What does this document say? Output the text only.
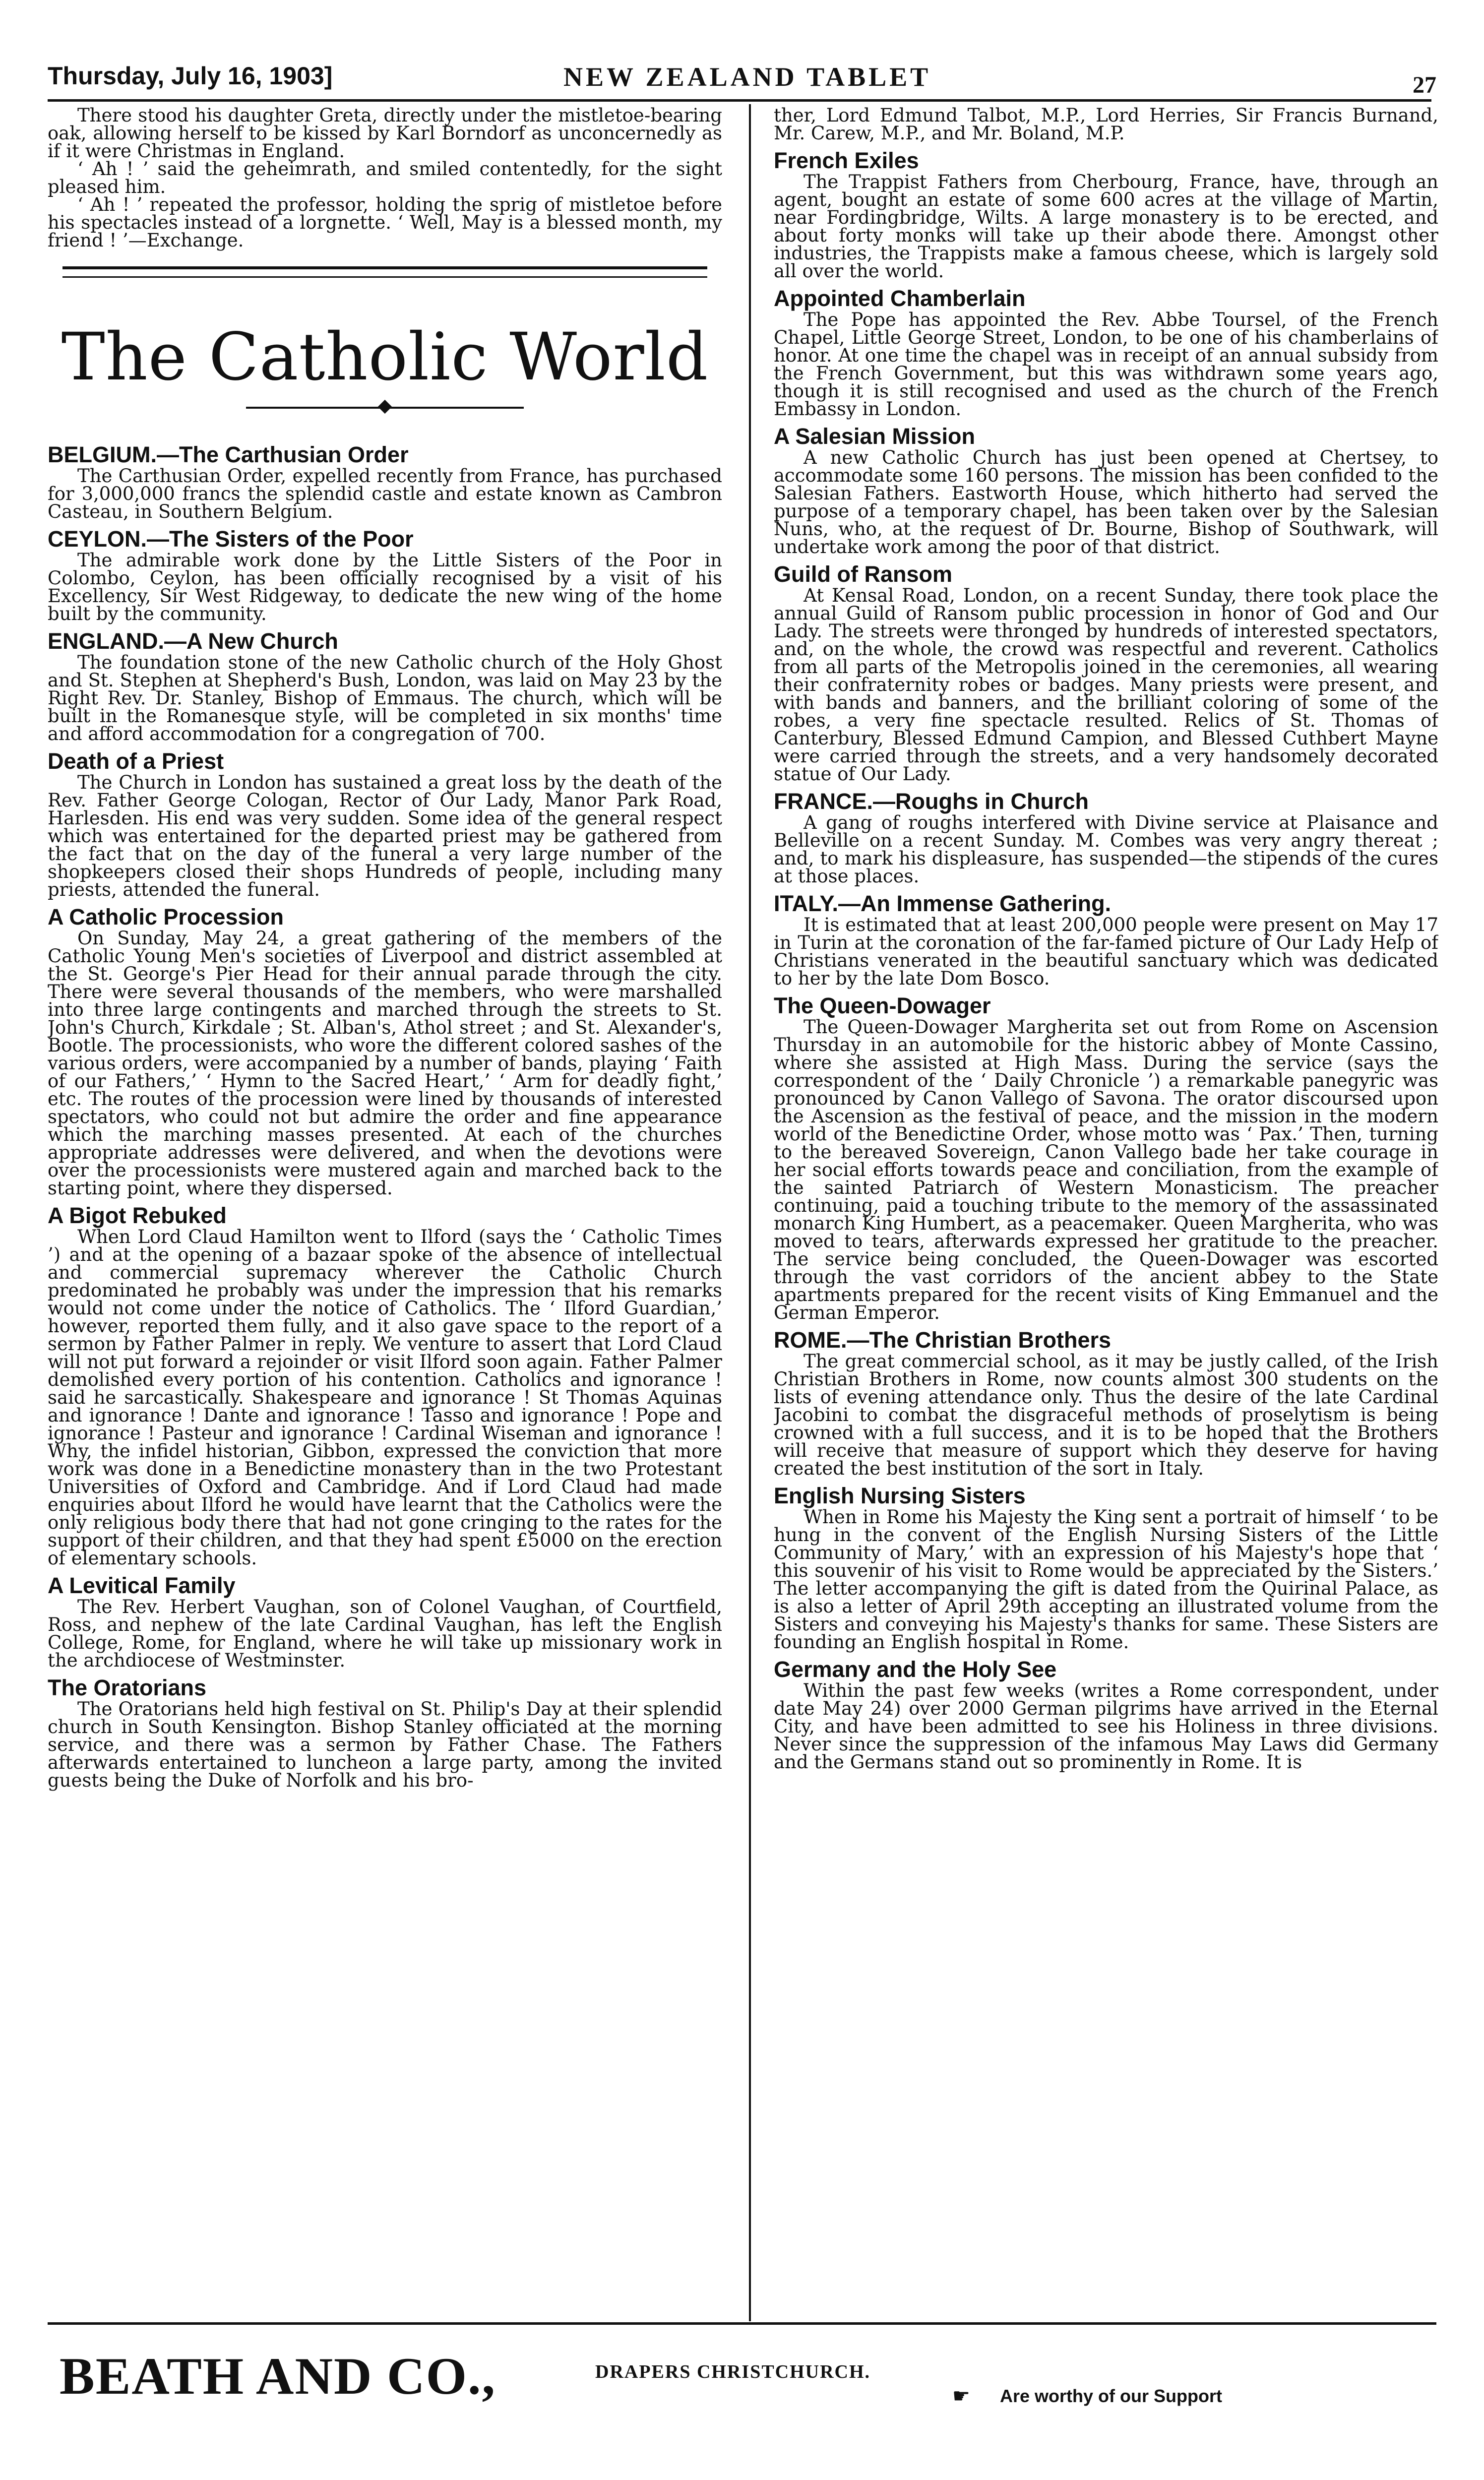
Thursday, July 16, 1903]	NEW ZEALAND TABLET	27

There stood his daughter Greta, directly under the mistletoe-bearing oak, allowing herself to be kissed by Karl Borndorf as unconcernedly as if it were Christmas in England.

‘ Ah ! ’ said the geheimrath, and smiled contentedly, for the sight pleased him.

‘ Ah ! ’ repeated the professor, holding the sprig of mistletoe before his spectacles instead of a lorgnette. ‘ Well, May is a blessed month, my friend ! ’—Exchange.

The Catholic World
BELGIUM.—The Carthusian Order

The Carthusian Order, expelled recently from France, has purchased for 3,000,000 francs the splendid castle and estate known as Cambron Casteau, in Southern Belgium.

CEYLON.—The Sisters of the Poor

The admirable work done by the Little Sisters of the Poor in Colombo, Ceylon, has been officially recognised by a visit of his Excellency, Sir West Ridgeway, to dedicate the new wing of the home built by the community.

ENGLAND.—A New Church

The foundation stone of the new Catholic church of the Holy Ghost and St. Stephen at Shepherd's Bush, London, was laid on May 23 by the Right Rev. Dr. Stanley, Bishop of Emmaus. The church, which will be built in the Romanesque style, will be completed in six months' time and afford accommodation for a congregation of 700.

Death of a Priest

The Church in London has sustained a great loss by the death of the Rev. Father George Cologan, Rector of Our Lady, Manor Park Road, Harlesden. His end was very sudden. Some idea of the general respect which was entertained for the departed priest may be gathered from the fact that on the day of the funeral a very large number of the shopkeepers closed their shops Hundreds of people, including many priests, attended the funeral.

A Catholic Procession

On Sunday, May 24, a great gathering of the members of the Catholic Young Men's societies of Liverpool and district assembled at the St. George's Pier Head for their annual parade through the city. There were several thousands of the members, who were marshalled into three large contingents and marched through the streets to St. John's Church, Kirkdale ; St. Alban's, Athol street ; and St. Alexander's, Bootle. The processionists, who wore the different colored sashes of the various orders, were accompanied by a number of bands, playing ‘ Faith of our Fathers,’ ‘ Hymn to the Sacred Heart,’ ‘ Arm for deadly fight,’ etc. The routes of the procession were lined by thousands of interested spectators, who could not but admire the order and fine appearance which the marching masses presented. At each of the churches appropriate addresses were delivered, and when the devotions were over the processionists were mustered again and marched back to the starting point, where they dispersed.

A Bigot Rebuked

When Lord Claud Hamilton went to Ilford (says the ‘ Catholic Times ’) and at the opening of a bazaar spoke of the absence of intellectual and commercial supremacy wherever the Catholic Church predominated he probably was under the impression that his remarks would not come under the notice of Catholics. The ‘ Ilford Guardian,’ however, reported them fully, and it also gave space to the report of a sermon by Father Palmer in reply. We venture to assert that Lord Claud will not put forward a rejoinder or visit Ilford soon again. Father Palmer demolished every portion of his contention. Catholics and ignorance ! said he sarcastically. Shakespeare and ignorance ! St Thomas Aquinas and ignorance ! Dante and ignorance ! Tasso and ignorance ! Pope and ignorance ! Pasteur and ignorance ! Cardinal Wiseman and ignorance ! Why, the infidel historian, Gibbon, expressed the conviction that more work was done in a Benedictine monastery than in the two Protestant Universities of Oxford and Cambridge. And if Lord Claud had made enquiries about Ilford he would have learnt that the Catholics were the only religious body there that had not gone cringing to the rates for the support of their children, and that they had spent £5000 on the erection of elementary schools.

A Levitical Family

The Rev. Herbert Vaughan, son of Colonel Vaughan, of Courtfield, Ross, and nephew of the late Cardinal Vaughan, has left the English College, Rome, for England, where he will take up missionary work in the archdiocese of Westminster.

The Oratorians

The Oratorians held high festival on St. Philip's Day at their splendid church in South Kensington. Bishop Stanley officiated at the morning service, and there was a sermon by Father Chase. The Fathers afterwards entertained to luncheon a large party, among the invited guests being the Duke of Norfolk and his bro-

ther, Lord Edmund Talbot, M.P., Lord Herries, Sir Francis Burnand, Mr. Carew, M.P., and Mr. Boland, M.P.

French Exiles

The Trappist Fathers from Cherbourg, France, have, through an agent, bought an estate of some 600 acres at the village of Martin, near Fordingbridge, Wilts. A large monastery is to be erected, and about forty monks will take up their abode there. Amongst other industries, the Trappists make a famous cheese, which is largely sold all over the world.

Appointed Chamberlain

The Pope has appointed the Rev. Abbe Toursel, of the French Chapel, Little George Street, London, to be one of his chamberlains of honor. At one time the chapel was in receipt of an annual subsidy from the French Government, but this was withdrawn some years ago, though it is still recognised and used as the church of the French Embassy in London.

A Salesian Mission

A new Catholic Church has just been opened at Chertsey, to accommodate some 160 persons. The mission has been confided to the Salesian Fathers. Eastworth House, which hitherto had served the purpose of a temporary chapel, has been taken over by the Salesian Nuns, who, at the request of Dr. Bourne, Bishop of Southwark, will undertake work among the poor of that district.

Guild of Ransom

At Kensal Road, London, on a recent Sunday, there took place the annual Guild of Ransom public procession in honor of God and Our Lady. The streets were thronged by hundreds of interested spectators, and, on the whole, the crowd was respectful and reverent. Catholics from all parts of the Metropolis joined in the ceremonies, all wearing their confraternity robes or badges. Many priests were present, and with bands and banners, and the brilliant coloring of some of the robes, a very fine spectacle resulted. Relics of St. Thomas of Canterbury, Blessed Edmund Campion, and Blessed Cuthbert Mayne were carried through the streets, and a very handsomely decorated statue of Our Lady.

FRANCE.—Roughs in Church

A gang of roughs interfered with Divine service at Plaisance and Belleville on a recent Sunday. M. Combes was very angry thereat ; and, to mark his displeasure, has suspended—the stipends of the cures at those places.

ITALY.—An Immense Gathering.

It is estimated that at least 200,000 people were present on May 17 in Turin at the coronation of the far-famed picture of Our Lady Help of Christians venerated in the beautiful sanctuary which was dedicated to her by the late Dom Bosco.

The Queen-Dowager

The Queen-Dowager Margherita set out from Rome on Ascension Thursday in an automobile for the historic abbey of Monte Cassino, where she assisted at High Mass. During the service (says the correspondent of the ‘ Daily Chronicle ’) a remarkable panegyric was pronounced by Canon Vallego of Savona. The orator discoursed upon the Ascension as the festival of peace, and the mission in the modern world of the Benedictine Order, whose motto was ‘ Pax.’ Then, turning to the bereaved Sovereign, Canon Vallego bade her take courage in her social efforts towards peace and conciliation, from the example of the sainted Patriarch of Western Monasticism. The preacher continuing, paid a touching tribute to the memory of the assassinated monarch King Humbert, as a peacemaker. Queen Margherita, who was moved to tears, afterwards expressed her gratitude to the preacher. The service being concluded, the Queen-Dowager was escorted through the vast corridors of the ancient abbey to the State apartments prepared for the recent visits of King Emmanuel and the German Emperor.

ROME.—The Christian Brothers

The great commercial school, as it may be justly called, of the Irish Christian Brothers in Rome, now counts almost 300 students on the lists of evening attendance only. Thus the desire of the late Cardinal Jacobini to combat the disgraceful methods of proselytism is being crowned with a full success, and it is to be hoped that the Brothers will receive that measure of support which they deserve for having created the best institution of the sort in Italy.

English Nursing Sisters

When in Rome his Majesty the King sent a portrait of himself ‘ to be hung in the convent of the English Nursing Sisters of the Little Community of Mary,’ with an expression of his Majesty's hope that ‘ this souvenir of his visit to Rome would be appreciated by the Sisters.’ The letter accompanying the gift is dated from the Quirinal Palace, as is also a letter of April 29th accepting an illustrated volume from the Sisters and conveying his Majesty's thanks for same. These Sisters are founding an English hospital in Rome.

Germany and the Holy See

Within the past few weeks (writes a Rome correspondent, under date May 24) over 2000 German pilgrims have arrived in the Eternal City, and have been admitted to see his Holiness in three divisions. Never since the suppression of the infamous May Laws did Germany and the Germans stand out so prominently in Rome. It is

BEATH AND CO.,	DRAPERS CHRISTCHURCH.
☛ Are worthy of our Support
